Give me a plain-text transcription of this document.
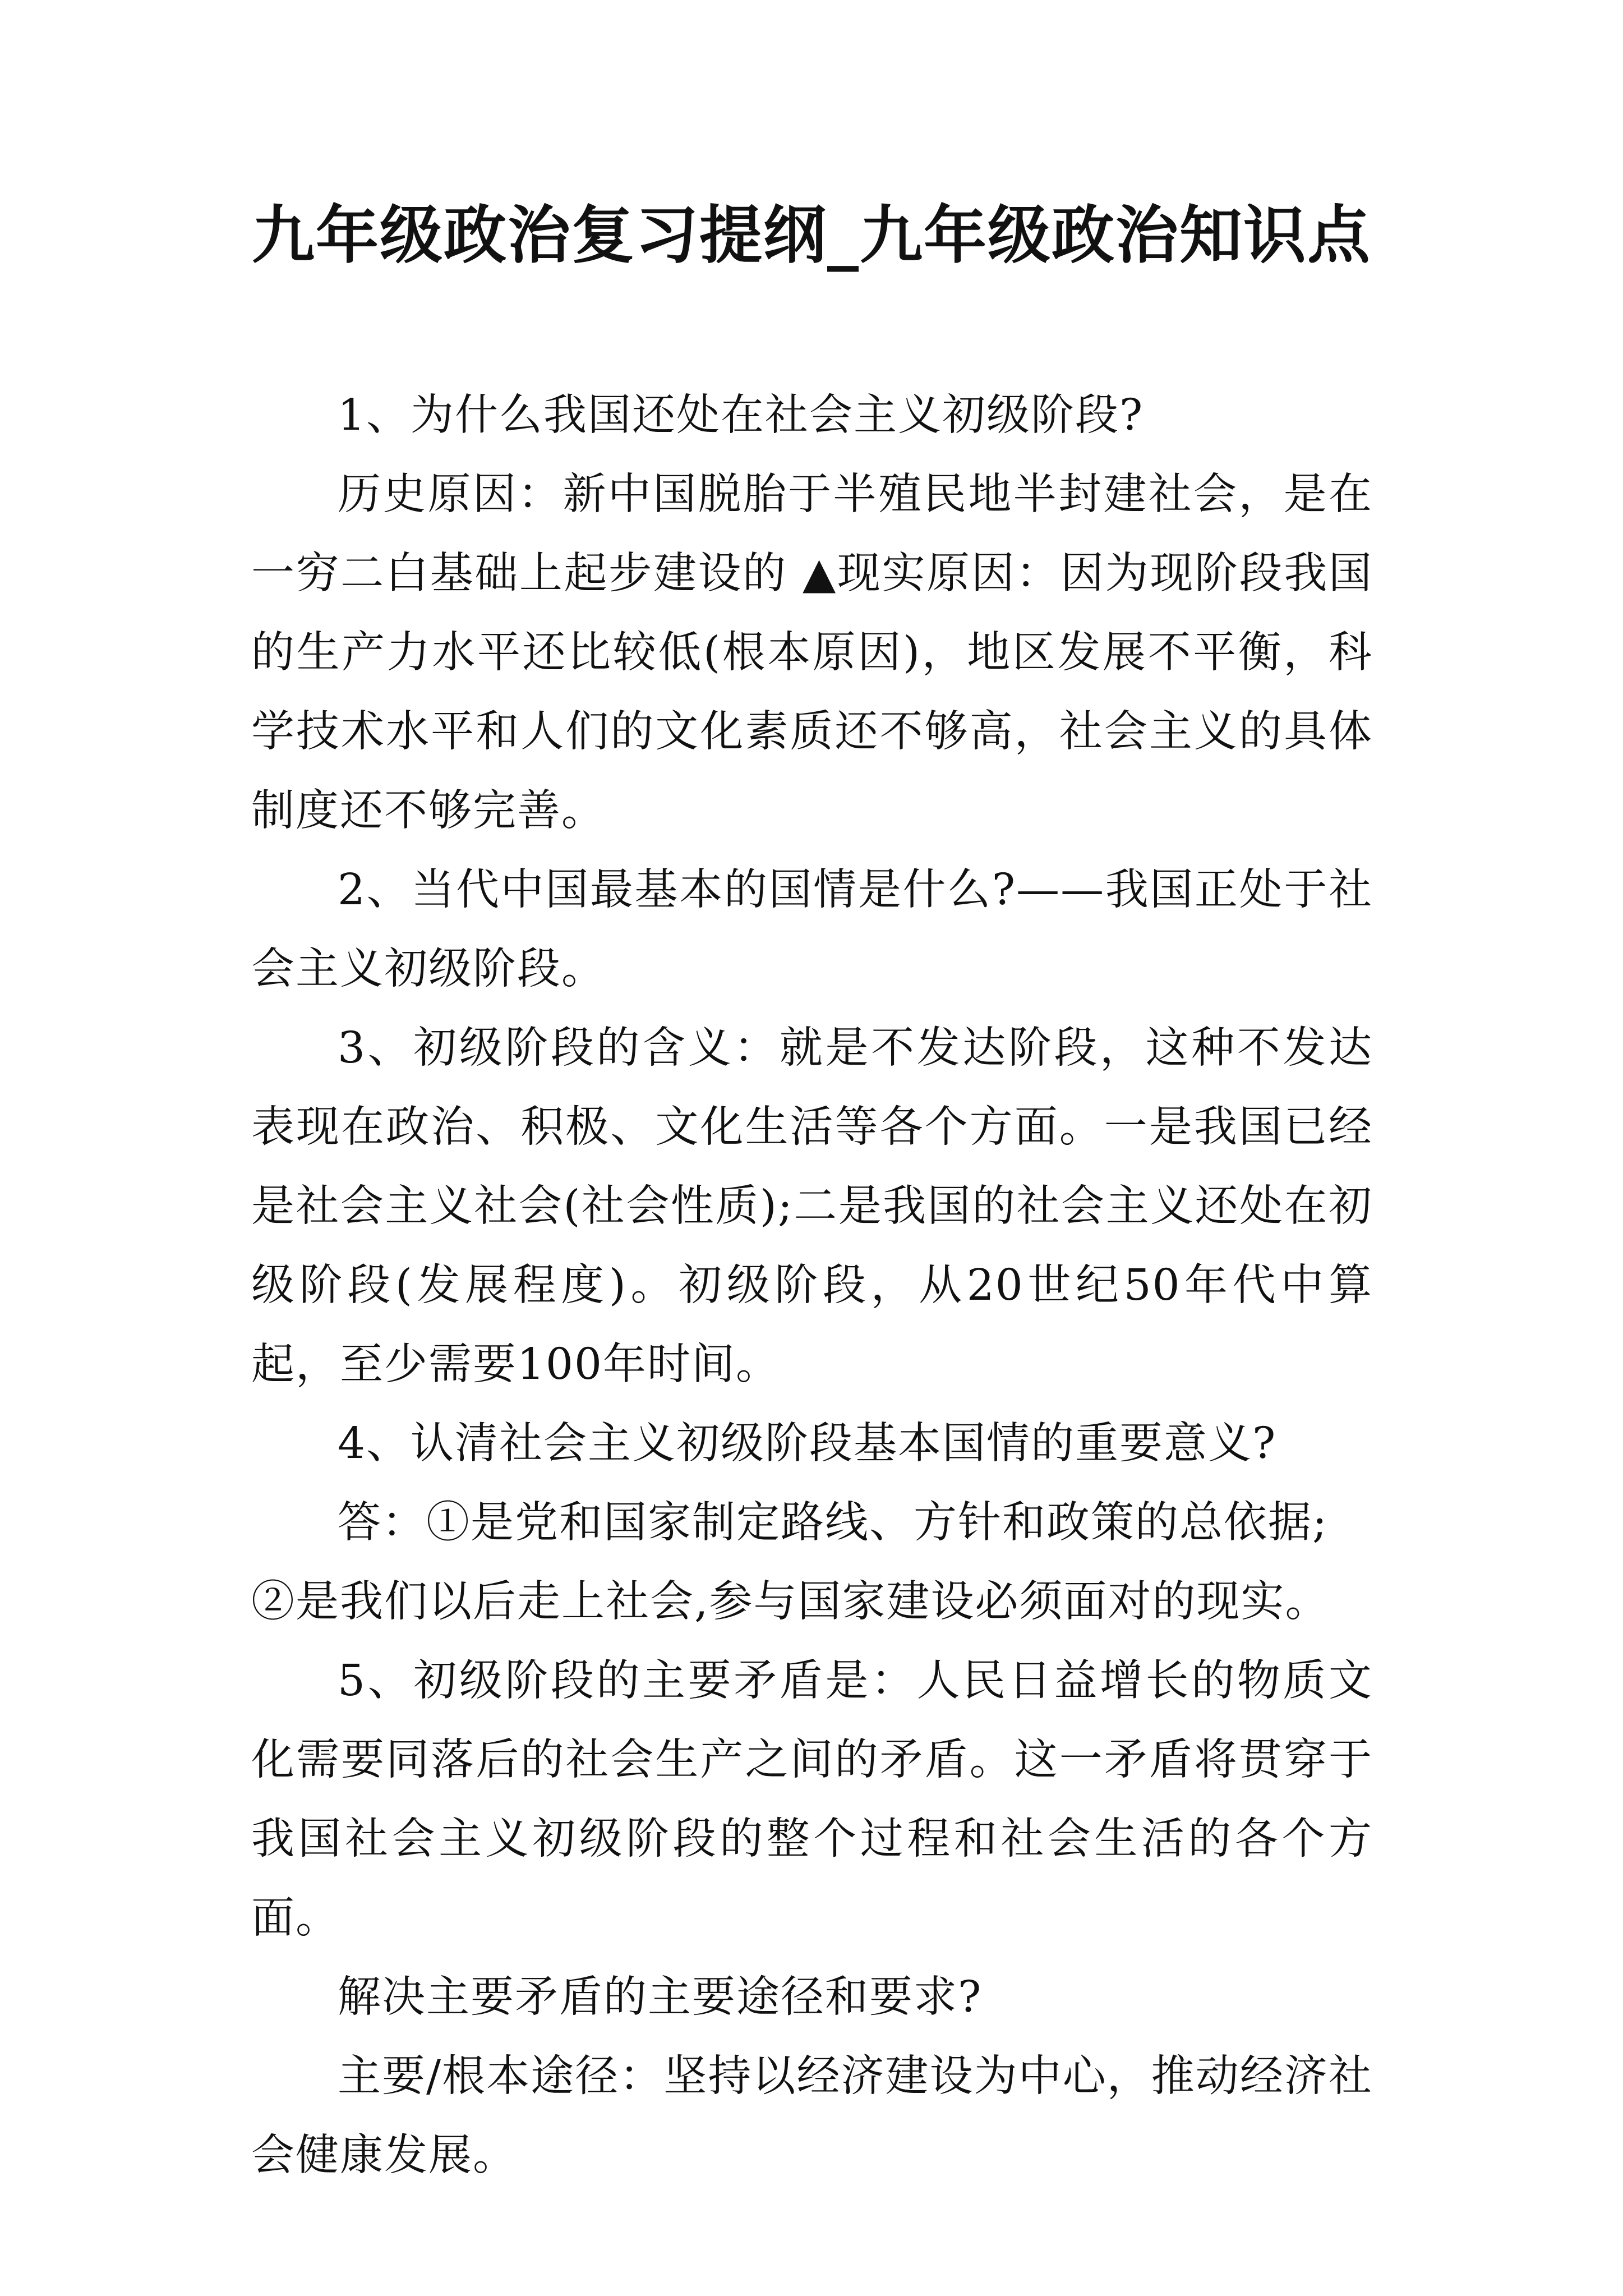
九年级政治复习提纲_九年级政治知识点

1、为什么我国还处在社会主义初级阶段?

历史原因：新中国脱胎于半殖民地半封建社会，是在一穷二白基础上起步建设的 ▲现实原因：因为现阶段我国的生产力水平还比较低(根本原因)，地区发展不平衡，科学技术水平和人们的文化素质还不够高，社会主义的具体制度还不够完善。

2、当代中国最基本的国情是什么?——我国正处于社会主义初级阶段。

3、初级阶段的含义：就是不发达阶段，这种不发达表现在政治、积极、文化生活等各个方面。一是我国已经是社会主义社会(社会性质);二是我国的社会主义还处在初级阶段(发展程度)。初级阶段，从20世纪50年代中算起，至少需要100年时间。

4、认清社会主义初级阶段基本国情的重要意义?

答：①是党和国家制定路线、方针和政策的总依据;

②是我们以后走上社会,参与国家建设必须面对的现实。

5、初级阶段的主要矛盾是：人民日益增长的物质文化需要同落后的社会生产之间的矛盾。这一矛盾将贯穿于我国社会主义初级阶段的整个过程和社会生活的各个方面。

解决主要矛盾的主要途径和要求?

主要/根本途径：坚持以经济建设为中心，推动经济社会健康发展。
